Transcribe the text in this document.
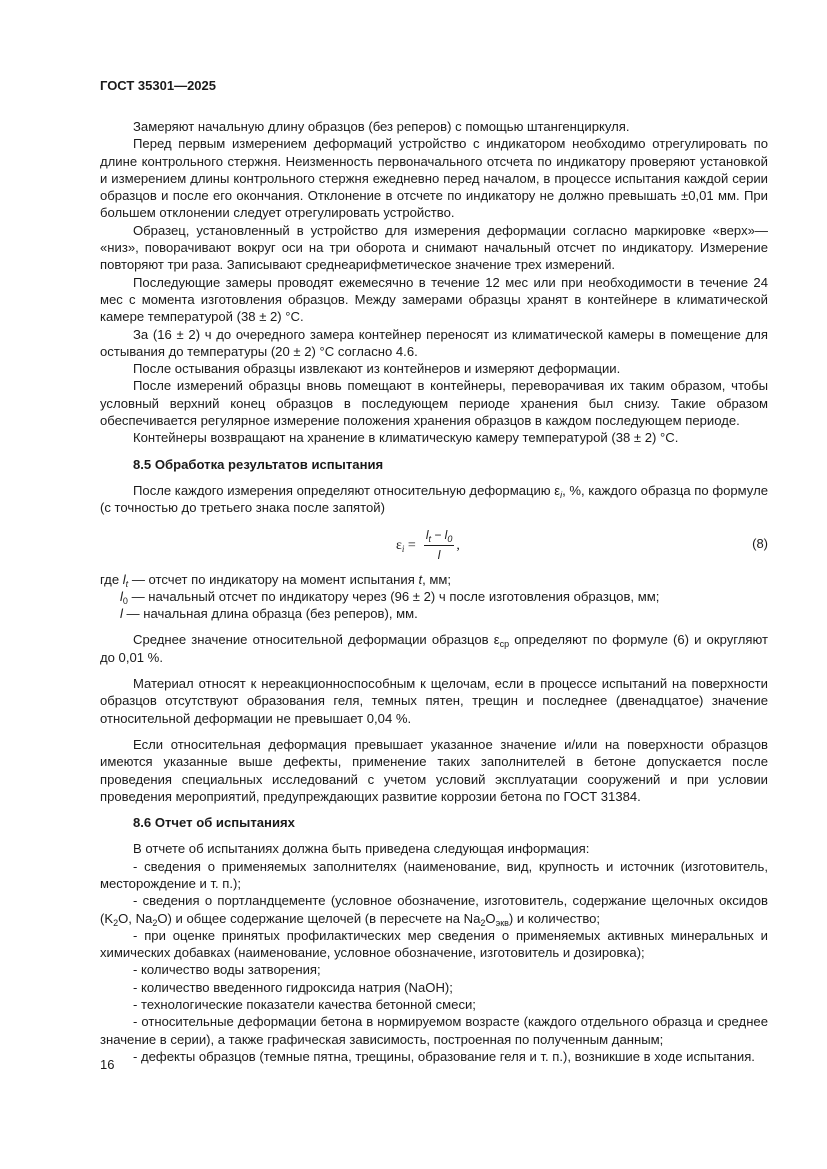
ГОСТ 35301—2025

Замеряют начальную длину образцов (без реперов) с помощью штангенциркуля.

Перед первым измерением деформаций устройство с индикатором необходимо отрегулировать по длине контрольного стержня. Неизменность первоначального отсчета по индикатору проверяют установкой и измерением длины контрольного стержня ежедневно перед началом, в процессе испытания каждой серии образцов и после его окончания. Отклонение в отсчете по индикатору не должно превышать ±0,01 мм. При большем отклонении следует отрегулировать устройство.

Образец, установленный в устройство для измерения деформации согласно маркировке «верх»— «низ», поворачивают вокруг оси на три оборота и снимают начальный отсчет по индикатору. Измерение повторяют три раза. Записывают среднеарифметическое значение трех измерений.

Последующие замеры проводят ежемесячно в течение 12 мес или при необходимости в течение 24 мес с момента изготовления образцов. Между замерами образцы хранят в контейнере в климатической камере температурой (38 ± 2) °С.

За (16 ± 2) ч до очередного замера контейнер переносят из климатической камеры в помещение для остывания до температуры (20 ± 2) °С согласно 4.6.

После остывания образцы извлекают из контейнеров и измеряют деформации.

После измерений образцы вновь помещают в контейнеры, переворачивая их таким образом, чтобы условный верхний конец образцов в последующем периоде хранения был снизу. Такие образом обеспечивается регулярное измерение положения хранения образцов в каждом последующем периоде.

Контейнеры возвращают на хранение в климатическую камеру температурой (38 ± 2) °С.

8.5 Обработка результатов испытания

После каждого измерения определяют относительную деформацию $\varepsilon_i$, %, каждого образца по формуле (с точностью до третьего знака после запятой)

$\varepsilon_i = \frac{l_t - l_0}{l}$ ,	(8)
где $l_t$ — отсчет по индикатору на момент испытания t, мм;
$l_0$ — начальный отсчет по индикатору через (96 ± 2) ч после изготовления образцов, мм;
l — начальная длина образца (без реперов), мм.

Среднее значение относительной деформации образцов $\varepsilon_{ср}$ определяют по формуле (6) и округляют до 0,01 %.

Материал относят к нереакционноспособным к щелочам, если в процессе испытаний на поверхности образцов отсутствуют образования геля, темных пятен, трещин и последнее (двенадцатое) значение относительной деформации не превышает 0,04 %.

Если относительная деформация превышает указанное значение и/или на поверхности образцов имеются указанные выше дефекты, применение таких заполнителей в бетоне допускается после проведения специальных исследований с учетом условий эксплуатации сооружений и при условии проведения мероприятий, предупреждающих развитие коррозии бетона по ГОСТ 31384.

8.6 Отчет об испытаниях

В отчете об испытаниях должна быть приведена следующая информация:

- сведения о применяемых заполнителях (наименование, вид, крупность и источник (изготовитель, месторождение и т. п.);

- сведения о портландцементе (условное обозначение, изготовитель, содержание щелочных оксидов ($K_2O$, $Na_2O$) и общее содержание щелочей (в пересчете на $Na_2O_{экв}$) и количество;

- при оценке принятых профилактических мер сведения о применяемых активных минеральных и химических добавках (наименование, условное обозначение, изготовитель и дозировка);

- количество воды затворения;

- количество введенного гидроксида натрия (NaOH);

- технологические показатели качества бетонной смеси;

- относительные деформации бетона в нормируемом возрасте (каждого отдельного образца и среднее значение в серии), а также графическая зависимость, построенная по полученным данным;

- дефекты образцов (темные пятна, трещины, образование геля и т. п.), возникшие в ходе испытания.

16
